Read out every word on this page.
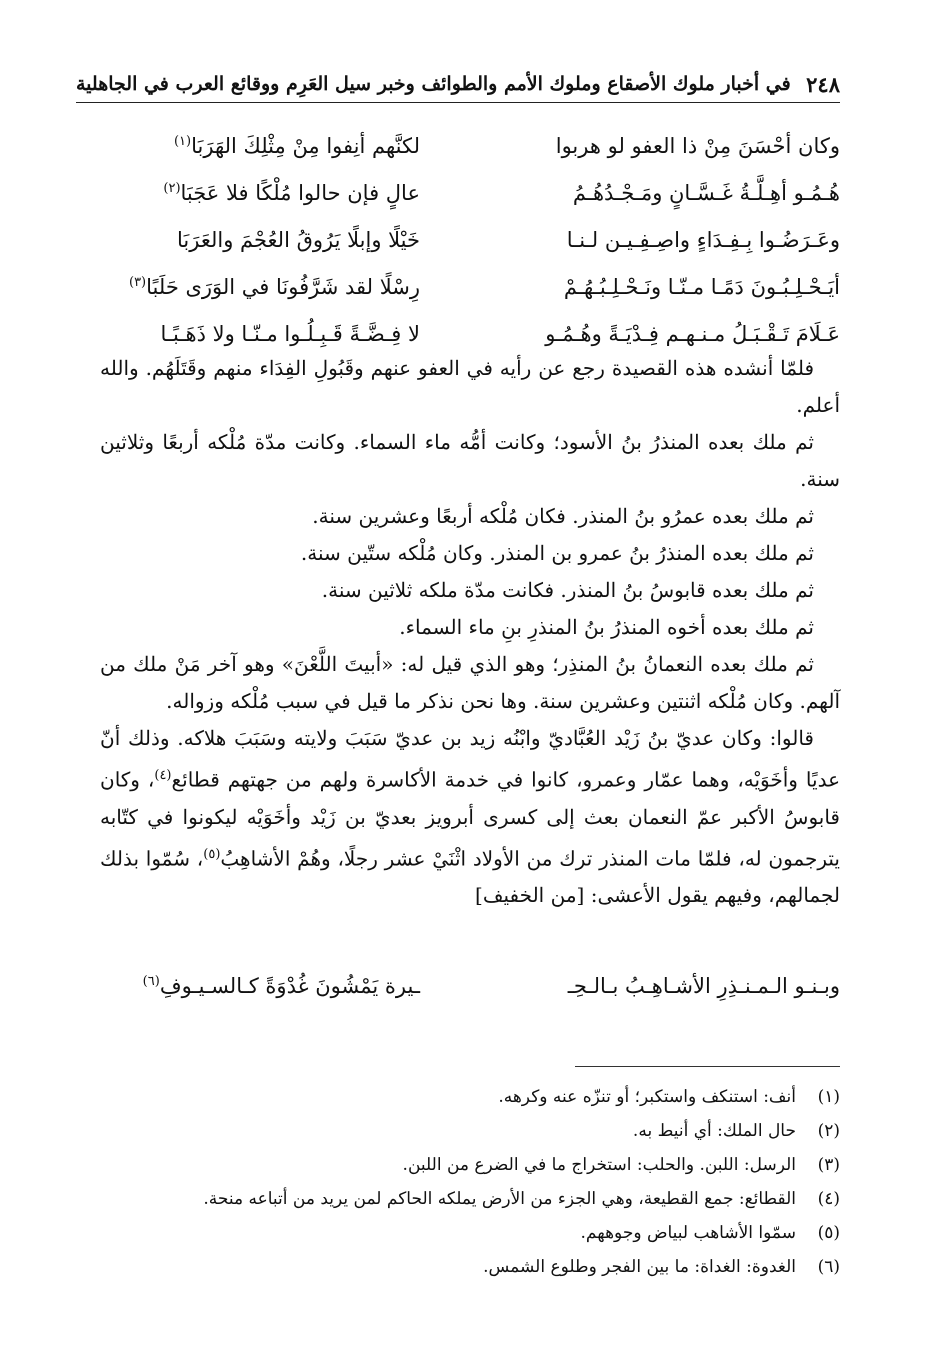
٢٤٨
في أخبار ملوك الأصقاع وملوك الأمم والطوائف وخبر سيل العَرِم ووقائع العرب في الجاهلية
وكان أحْسَنَ مِنْ ذا العفو لو هربوا
لكنَّهم أنِفوا مِنْ مِثْلِكَ الهَرَبَا$^{(١)}$
هُـمُـو أهِـلَّـةُ غَـسَّـانٍ ومَـجْـدُهُـمُ
عالٍ فإن حالوا مُلْكًا فلا عَجَبَا$^{(٢)}$
وعَـرَضُـوا بِـفِـدَاءٍ واصِـفِـيـن لـنـا
خَيْلًا وإبلًا يَرُوقُ العُجْمَ والعَرَبَا
أيَـحْـلِـبُـونَ دَمًـا مـنّـا ونَـحْـلِـبُـهُـمْ
رِسْلًا لقد شَرَّفُونَا في الوَرَى حَلَبًا$^{(٣)}$
عَـلَامَ تَـقْـبَـلُ مـنـهـم فِـدْيَـةً وهُـمُـو
لا فِـضَّـةً قَـبِـلُـوا مـنّـا ولا ذَهَـبًـا

فلمّا أنشده هذه القصيدة رجع عن رأيه في العفو عنهم وقَبُولِ الفِدَاء منهم وقَتَلَهُم. والله أعلم.

ثم ملك بعده المنذرُ بنُ الأسود؛ وكانت أمُّه ماء السماء. وكانت مدّة مُلْكه أربعًا وثلاثين سنة.

ثم ملك بعده عمرُو بنُ المنذر. فكان مُلْكه أربعًا وعشرين سنة.

ثم ملك بعده المنذرُ بنُ عمرو بن المنذر. وكان مُلْكه ستّين سنة.

ثم ملك بعده قابوسُ بنُ المنذر. فكانت مدّة ملكه ثلاثين سنة.

ثم ملك بعده أخوه المنذرُ بنُ المنذرِ بنِ ماء السماء.

ثم ملك بعده النعمانُ بنُ المنذِر؛ وهو الذي قيل له: «أبيتَ اللَّعْنَ» وهو آخر مَنْ ملك من آلهم. وكان مُلْكه اثنتين وعشرين سنة. وها نحن نذكر ما قيل في سبب مُلْكه وزواله.

قالوا: وكان عديّ بنُ زَيْد العُبَّاديّ وابْنُه زيد بن عديّ سَبَبَ ولايته وسَبَبَ هلاكه. وذلك أنّ عديًا وأخَوَيْه، وهما عمّار وعمرو، كانوا في خدمة الأكاسرة ولهم من جهتهم قطائع$^{(٤)}$، وكان قابوسُ الأكبر عمّ النعمان بعث إلى كسرى أبرويز بعديّ بن زَيْد وأخَوَيْه ليكونوا في كتّابه يترجمون له، فلمّا مات المنذر ترك من الأولاد اثْنَيْ عشر رجلًا، وهُمْ الأشاهِبُ$^{(٥)}$، سُمّوا بذلك لجمالهم، وفيهم يقول الأعشى: [من الخفيف]

وبـنـو الـمـنـذِرِ الأشـاهِـبُ بـالـحِـ
ـيرة يَمْشُونَ غُدْوَةً كـالسـيـوفِ$^{(٦)}$
(١)
أنف: استنكف واستكبر؛ أو تنزّه عنه وكرهه.
(٢)
حال الملك: أي أنيط به.
(٣)
الرسل: اللبن. والحلب: استخراج ما في الضرع من اللبن.
(٤)
القطائع: جمع القطيعة، وهي الجزء من الأرض يملكه الحاكم لمن يريد من أتباعه منحة.
(٥)
سمّوا الأشاهب لبياض وجوههم.
(٦)
الغدوة: الغداة: ما بين الفجر وطلوع الشمس.
